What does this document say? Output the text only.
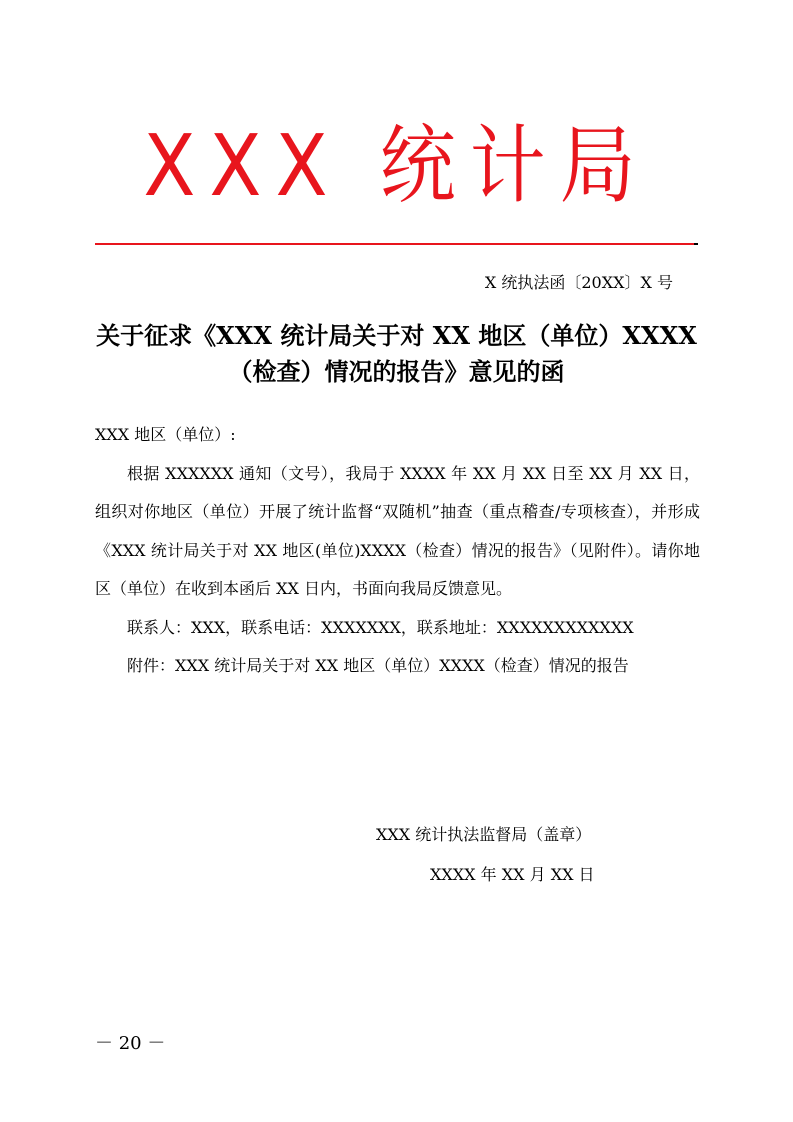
XXX 统计局
X 统执法函〔20XX〕X 号
关于征求《XXX 统计局关于对 XX 地区（单位）XXXX
（检查）情况的报告》意见的函
XXX 地区（单位）:
根据 XXXXXX 通知（文号），我局于 XXXX 年 XX 月 XX 日至 XX 月 XX 日，组织对你地区（单位）开展了统计监督“双随机”抽查（重点稽查/专项核查），并形成《XXX 统计局关于对 XX 地区(单位)XXXX（检查）情况的报告》（见附件）。请你地区（单位）在收到本函后 XX 日内，书面向我局反馈意见。
联系人：XXX，联系电话：XXXXXXX，联系地址：XXXXXXXXXXXX
附件：XXX 统计局关于对 XX 地区（单位）XXXX（检查）情况的报告
XXX 统计执法监督局（盖章）
XXXX 年 XX 月 XX 日
－ 20 －
